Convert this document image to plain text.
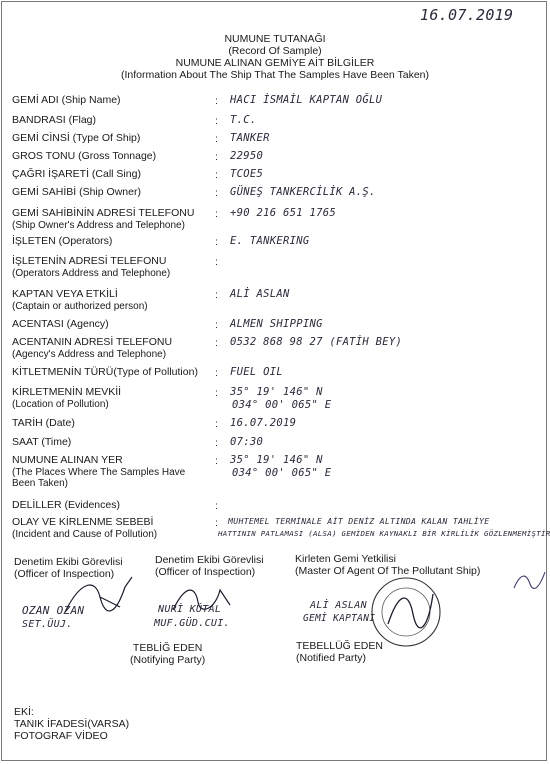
16.07.2019
NUMUNE TUTANAĞI
(Record Of Sample)
NUMUNE ALINAN GEMİYE AİT BİLGİLER
(Information About The Ship That The Samples Have Been Taken)
GEMİ ADI (Ship Name)	: HACI İSMAİL KAPTAN OĞLU
BANDRASI (Flag)	: T.C.
GEMİ CİNSİ (Type Of Ship)	: TANKER
GROS TONU (Gross Tonnage)	: 22950
ÇAĞRI İŞARETİ (Call Sing)	: TCOE5
GEMİ SAHİBİ (Ship Owner)	: GÜNEŞ TANKERCİLİK A.Ş.
GEMİ SAHİBİNİN ADRESİ TELEFONU
(Ship Owner's Address and Telephone)
: +90 216 651 1765
İŞLETEN (Operators)	: E. TANKERING
İŞLETENİN ADRESİ TELEFONU
(Operators Address and Telephone)
:
KAPTAN VEYA ETKİLİ
(Captain or authorized person)
: ALİ ASLAN
ACENTASI (Agency)	: ALMEN SHIPPING
ACENTANIN ADRESİ TELEFONU
(Agency's Address and Telephone)
: 0532 868 98 27 (FATİH BEY)
KİTLETMENİN TÜRÜ(Type of Pollution) : FUEL OIL
KİRLETMENİN MEVKİİ
(Location of Pollution)
: 35° 19' 146" N
034° 00' 065" E
TARİH (Date)	: 16.07.2019
SAAT (Time)	: 07:30
NUMUNE ALINAN YER
(The Places Where The Samples Have
Been Taken)
: 35° 19' 146" N
034° 00' 065" E
DELİLLER (Evidences)	:
OLAY VE KİRLENME SEBEBİ
(Incident and Cause of Pollution)
: MUHTEMEL TERMİNALE AİT DENİZ ALTINDA KALAN TAHLİYE
HATTININ PATLAMASI (ALSA) GEMİDEN KAYNAKLI BİR KİRLİLİK GÖZLENMEMİŞTİR
Denetim Ekibi Görevlisi
(Officer of Inspection)
Denetim Ekibi Görevlisi
(Officer of Inspection)
Kirleten Gemi Yetkilisi
(Master Of Agent Of The Pollutant Ship)
OZAN OZAN
SET.ÜUJ.
NURİ KÜTAL
MUF.GÜD.CUI.
ALİ ASLAN
GEMİ KAPTANI
TEBLİĞ EDEN
(Notifying Party)
TEBELLÜĞ EDEN
(Notified Party)
EKİ:
TANIK İFADESİ(VARSA)
FOTOGRAF VİDEO
